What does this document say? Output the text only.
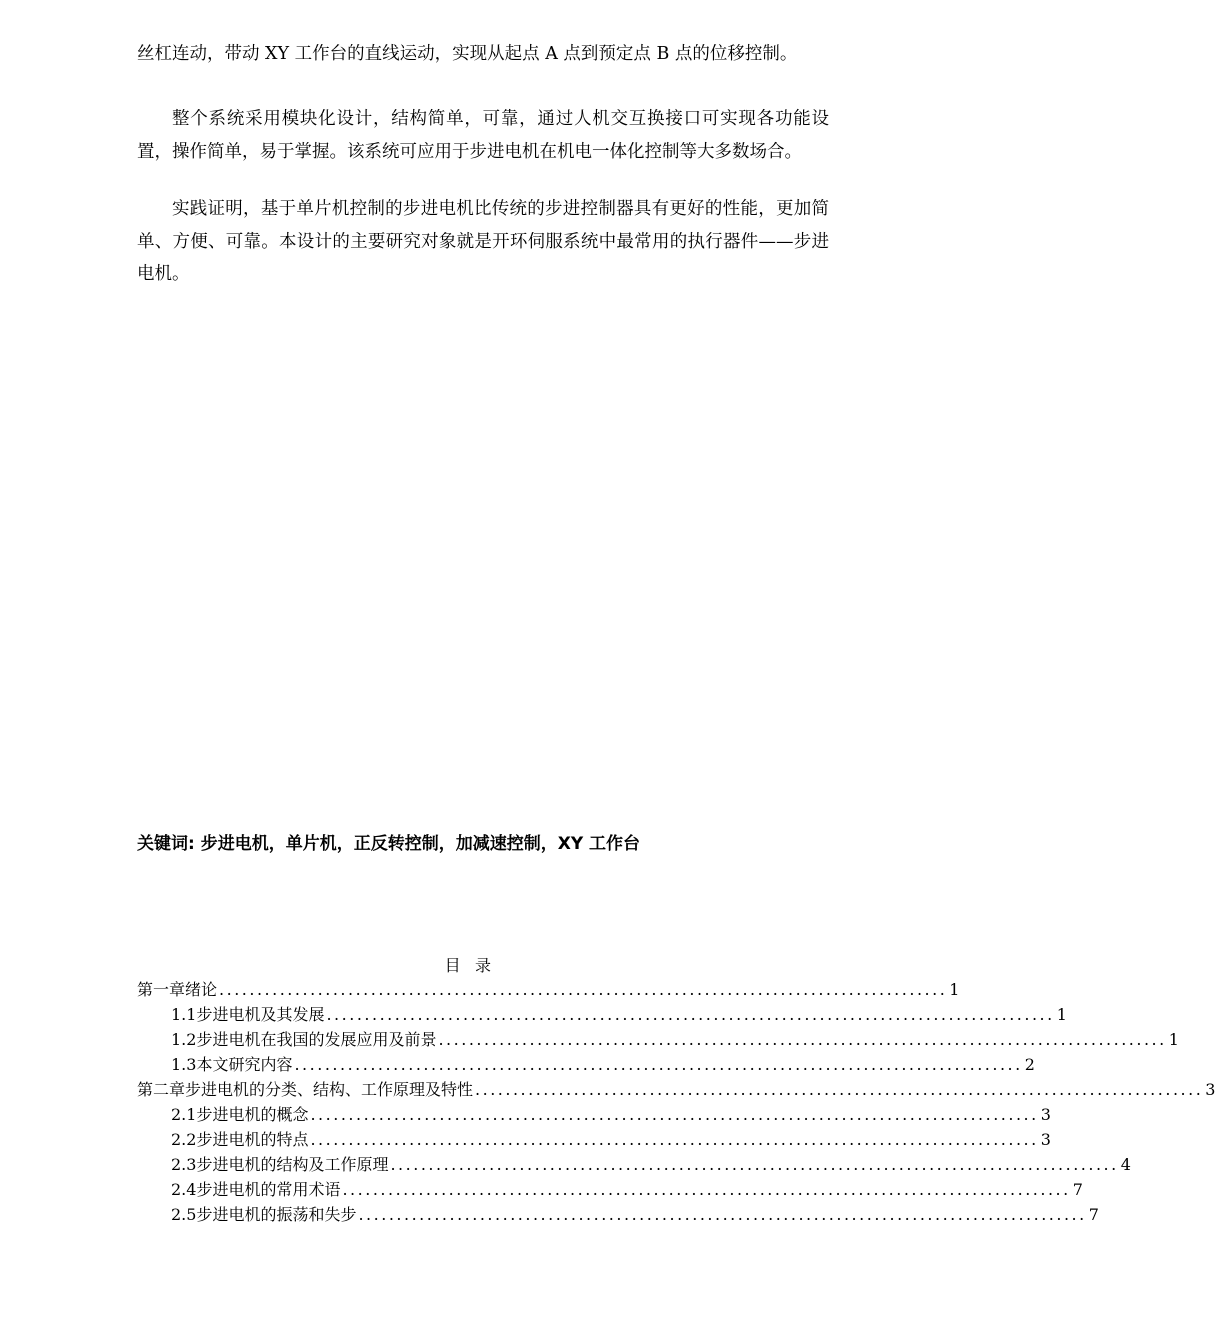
丝杠连动，带动 XY 工作台的直线运动，实现从起点 A 点到预定点 B 点的位移控制。

整个系统采用模块化设计，结构简单，可靠，通过人机交互换接口可实现各功能设置，操作简单，易于掌握。该系统可应用于步进电机在机电一体化控制等大多数场合。

实践证明，基于单片机控制的步进电机比传统的步进控制器具有更好的性能，更加简单、方便、可靠。本设计的主要研究对象就是开环伺服系统中最常用的执行器件——步进电机。

关键词: 步进电机，单片机，正反转控制，加减速控制，XY 工作台

目录

第一章 绪论 ................................................................................................ 1
1.1 步进电机及其发展 ................................................................................................ 1
1.2 步进电机在我国的发展应用及前景 ................................................................................................ 1
1.3 本文研究内容 ................................................................................................ 2
第二章 步进电机的分类、结构、工作原理及特性 ................................................................................................ 3
2.1 步进电机的概念 ................................................................................................ 3
2.2 步进电机的特点 ................................................................................................ 3
2.3 步进电机的结构及工作原理 ................................................................................................ 4
2.4 步进电机的常用术语 ................................................................................................ 7
2.5 步进电机的振荡和失步 ................................................................................................ 7
